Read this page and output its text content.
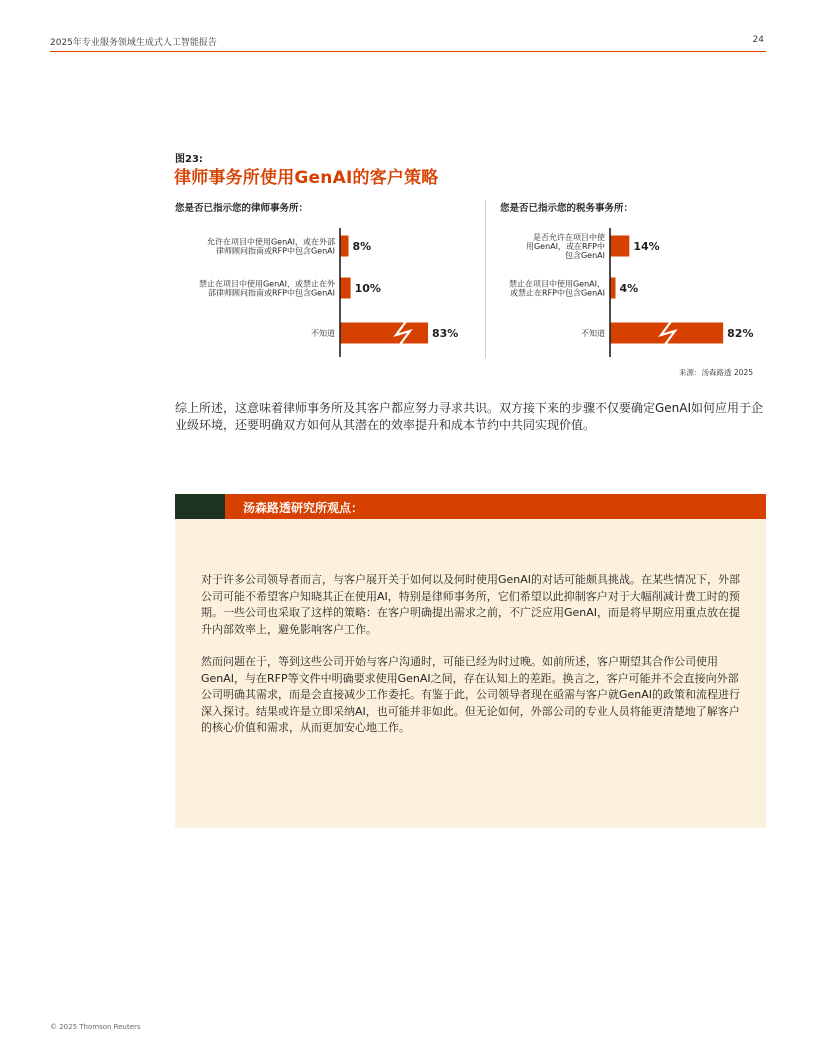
2025年专业服务领域生成式人工智能报告	24
图23:
律师事务所使用GenAI的客户策略
您是否已指示您的律师事务所：
8%
允许在项目中使用GenAI，或在外部
律师顾问指南或RFP中包含GenAI
10%
禁止在项目中使用GenAI，或禁止在外
部律师顾问指南或RFP中包含GenAI
83%
不知道
您是否已指示您的税务事务所：
14%
是否允许在项目中使
用GenAI，或在RFP中
包含GenAI
4%
禁止在项目中使用GenAI，
或禁止在RFP中包含GenAI
82%
不知道
来源：汤森路透 2025
综上所述，这意味着律师事务所及其客户都应努力寻求共识。双方接下来的步骤不仅要确定GenAI如何应用于企业级环境，还要明确双方如何从其潜在的效率提升和成本节约中共同实现价值。
汤森路透研究所观点：

对于许多公司领导者而言，与客户展开关于如何以及何时使用GenAI的对话可能颇具挑战。在某些情况下，外部公司可能不希望客户知晓其正在使用AI，特别是律师事务所，它们希望以此抑制客户对于大幅削减计费工时的预期。一些公司也采取了这样的策略：在客户明确提出需求之前，不广泛应用GenAI，而是将早期应用重点放在提升内部效率上，避免影响客户工作。

然而问题在于，等到这些公司开始与客户沟通时，可能已经为时过晚。如前所述，客户期望其合作公司使用GenAI，与在RFP等文件中明确要求使用GenAI之间，存在认知上的差距。换言之，客户可能并不会直接向外部公司明确其需求，而是会直接减少工作委托。有鉴于此，公司领导者现在亟需与客户就GenAI的政策和流程进行深入探讨。结果或许是立即采纳AI，也可能并非如此。但无论如何，外部公司的专业人员将能更清楚地了解客户的核心价值和需求，从而更加安心地工作。

© 2025 Thomson Reuters
